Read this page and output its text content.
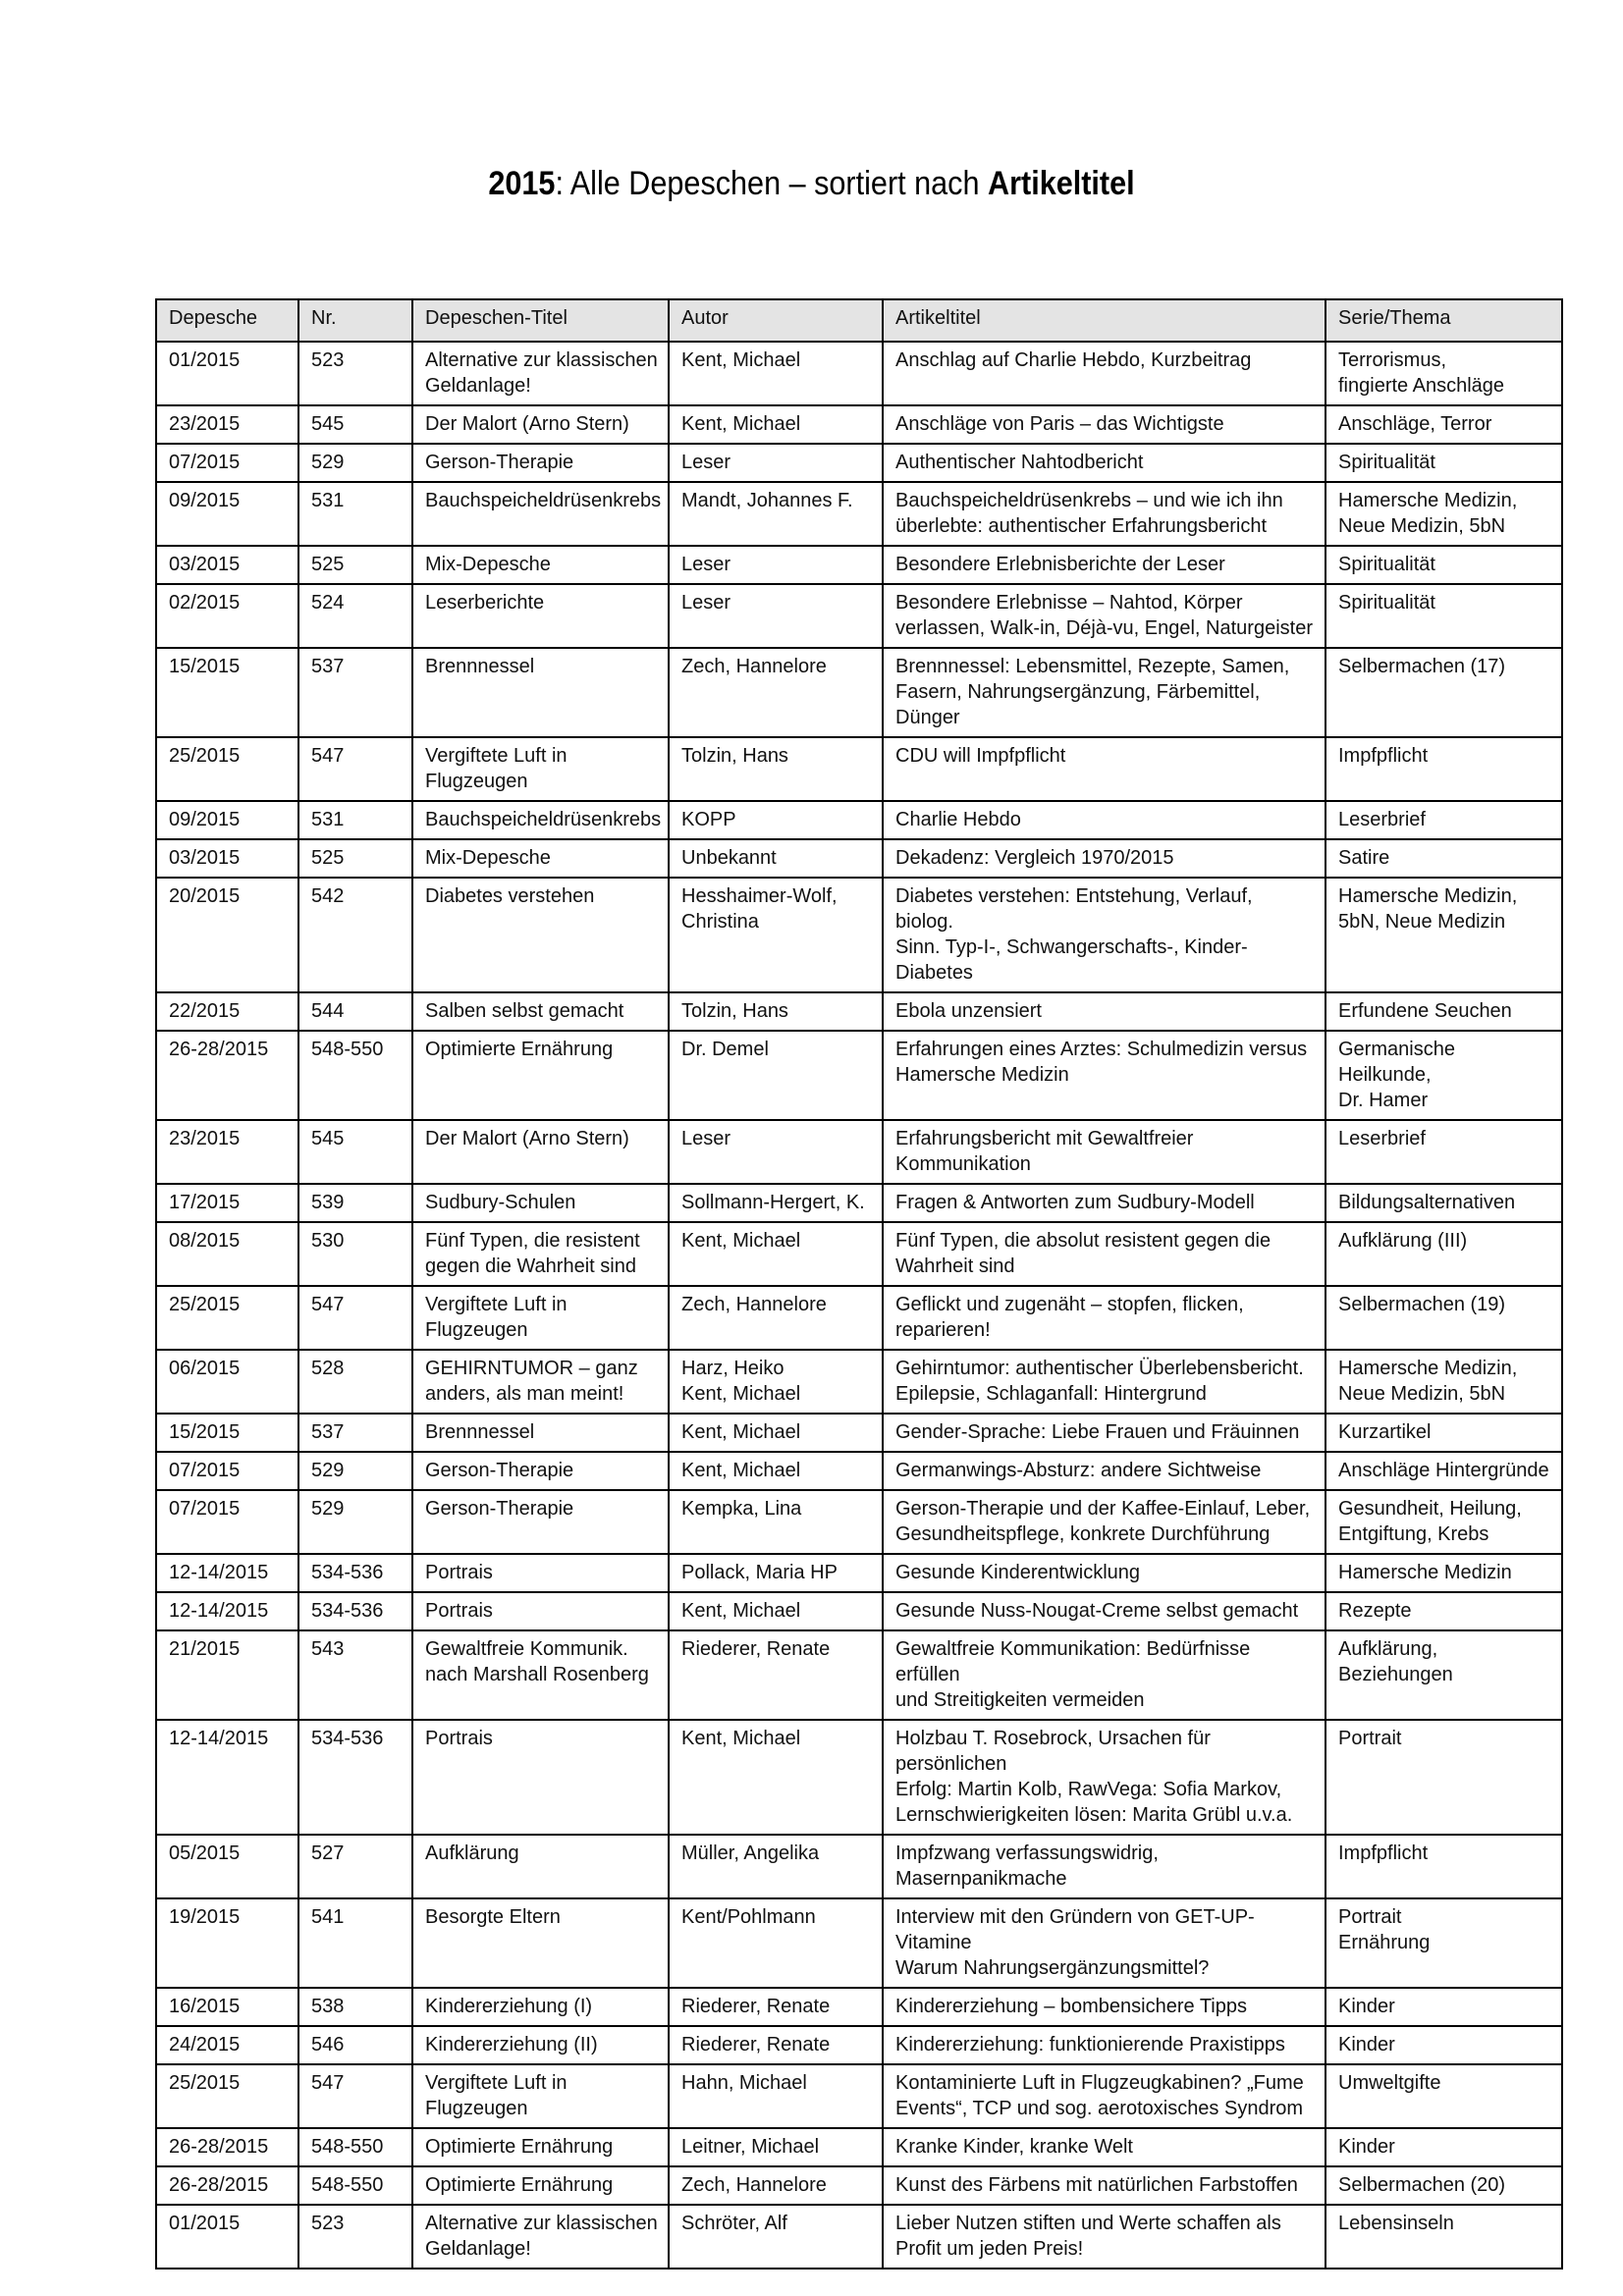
2015: Alle Depeschen – sortiert nach Artikeltitel
Depesche	Nr.	Depeschen-Titel	Autor	Artikeltitel	Serie/Thema

01/2015	523	Alternative zur klassischen
Geldanlage!	Kent, Michael	Anschlag auf Charlie Hebdo, Kurzbeitrag	Terrorismus,
fingierte Anschläge

23/2015	545	Der Malort (Arno Stern)	Kent, Michael	Anschläge von Paris – das Wichtigste	Anschläge, Terror

07/2015	529	Gerson-Therapie	Leser	Authentischer Nahtodbericht	Spiritualität

09/2015	531	Bauchspeicheldrüsenkrebs	Mandt, Johannes F.	Bauchspeicheldrüsenkrebs – und wie ich ihn
überlebte: authentischer Erfahrungsbericht	Hamersche Medizin,
Neue Medizin, 5bN

03/2015	525	Mix-Depesche	Leser	Besondere Erlebnisberichte der Leser	Spiritualität

02/2015	524	Leserberichte	Leser	Besondere Erlebnisse – Nahtod, Körper
verlassen, Walk-in, Déjà-vu, Engel, Naturgeister	Spiritualität

15/2015	537	Brennnessel	Zech, Hannelore	Brennnessel: Lebensmittel, Rezepte, Samen,
Fasern, Nahrungsergänzung, Färbemittel, Dünger	Selbermachen (17)

25/2015	547	Vergiftete Luft in
Flugzeugen	Tolzin, Hans	CDU will Impfpflicht	Impfpflicht

09/2015	531	Bauchspeicheldrüsenkrebs	KOPP	Charlie Hebdo	Leserbrief

03/2015	525	Mix-Depesche	Unbekannt	Dekadenz: Vergleich 1970/2015	Satire

20/2015	542	Diabetes verstehen	Hesshaimer-Wolf,
Christina	Diabetes verstehen: Entstehung, Verlauf, biolog.
Sinn. Typ-I-, Schwangerschafts-, Kinder-Diabetes	Hamersche Medizin,
5bN, Neue Medizin

22/2015	544	Salben selbst gemacht	Tolzin, Hans	Ebola unzensiert	Erfundene Seuchen

26-28/2015	548-550	Optimierte Ernährung	Dr. Demel	Erfahrungen eines Arztes: Schulmedizin versus
Hamersche Medizin	Germanische Heilkunde,
Dr. Hamer

23/2015	545	Der Malort (Arno Stern)	Leser	Erfahrungsbericht mit Gewaltfreier
Kommunikation	Leserbrief

17/2015	539	Sudbury-Schulen	Sollmann-Hergert, K.	Fragen & Antworten zum Sudbury-Modell	Bildungsalternativen

08/2015	530	Fünf Typen, die resistent
gegen die Wahrheit sind	Kent, Michael	Fünf Typen, die absolut resistent gegen die
Wahrheit sind	Aufklärung (III)

25/2015	547	Vergiftete Luft in
Flugzeugen	Zech, Hannelore	Geflickt und zugenäht – stopfen, flicken,
reparieren!	Selbermachen (19)

06/2015	528	GEHIRNTUMOR – ganz
anders, als man meint!	Harz, Heiko
Kent, Michael	Gehirntumor: authentischer Überlebensbericht.
Epilepsie, Schlaganfall: Hintergrund	Hamersche Medizin,
Neue Medizin, 5bN

15/2015	537	Brennnessel	Kent, Michael	Gender-Sprache: Liebe Frauen und Fräuinnen	Kurzartikel

07/2015	529	Gerson-Therapie	Kent, Michael	Germanwings-Absturz: andere Sichtweise	Anschläge Hintergründe

07/2015	529	Gerson-Therapie	Kempka, Lina	Gerson-Therapie und der Kaffee-Einlauf, Leber,
Gesundheitspflege, konkrete Durchführung	Gesundheit, Heilung,
Entgiftung, Krebs

12-14/2015	534-536	Portrais	Pollack, Maria HP	Gesunde Kinderentwicklung	Hamersche Medizin

12-14/2015	534-536	Portrais	Kent, Michael	Gesunde Nuss-Nougat-Creme selbst gemacht	Rezepte

21/2015	543	Gewaltfreie Kommunik.
nach Marshall Rosenberg	Riederer, Renate	Gewaltfreie Kommunikation: Bedürfnisse erfüllen
und Streitigkeiten vermeiden	Aufklärung,
Beziehungen

12-14/2015	534-536	Portrais	Kent, Michael	Holzbau T. Rosebrock, Ursachen für persönlichen
Erfolg: Martin Kolb, RawVega: Sofia Markov,
Lernschwierigkeiten lösen: Marita Grübl u.v.a.	Portrait

05/2015	527	Aufklärung	Müller, Angelika	Impfzwang verfassungswidrig,
Masernpanikmache	Impfpflicht

19/2015	541	Besorgte Eltern	Kent/Pohlmann	Interview mit den Gründern von GET-UP-Vitamine
Warum Nahrungsergänzungsmittel?	Portrait
Ernährung

16/2015	538	Kindererziehung (I)	Riederer, Renate	Kindererziehung – bombensichere Tipps	Kinder

24/2015	546	Kindererziehung (II)	Riederer, Renate	Kindererziehung: funktionierende Praxistipps	Kinder

25/2015	547	Vergiftete Luft in
Flugzeugen	Hahn, Michael	Kontaminierte Luft in Flugzeugkabinen? „Fume
Events“, TCP und sog. aerotoxisches Syndrom	Umweltgifte

26-28/2015	548-550	Optimierte Ernährung	Leitner, Michael	Kranke Kinder, kranke Welt	Kinder

26-28/2015	548-550	Optimierte Ernährung	Zech, Hannelore	Kunst des Färbens mit natürlichen Farbstoffen	Selbermachen (20)

01/2015	523	Alternative zur klassischen
Geldanlage!	Schröter, Alf	Lieber Nutzen stiften und Werte schaffen als
Profit um jeden Preis!	Lebensinseln
